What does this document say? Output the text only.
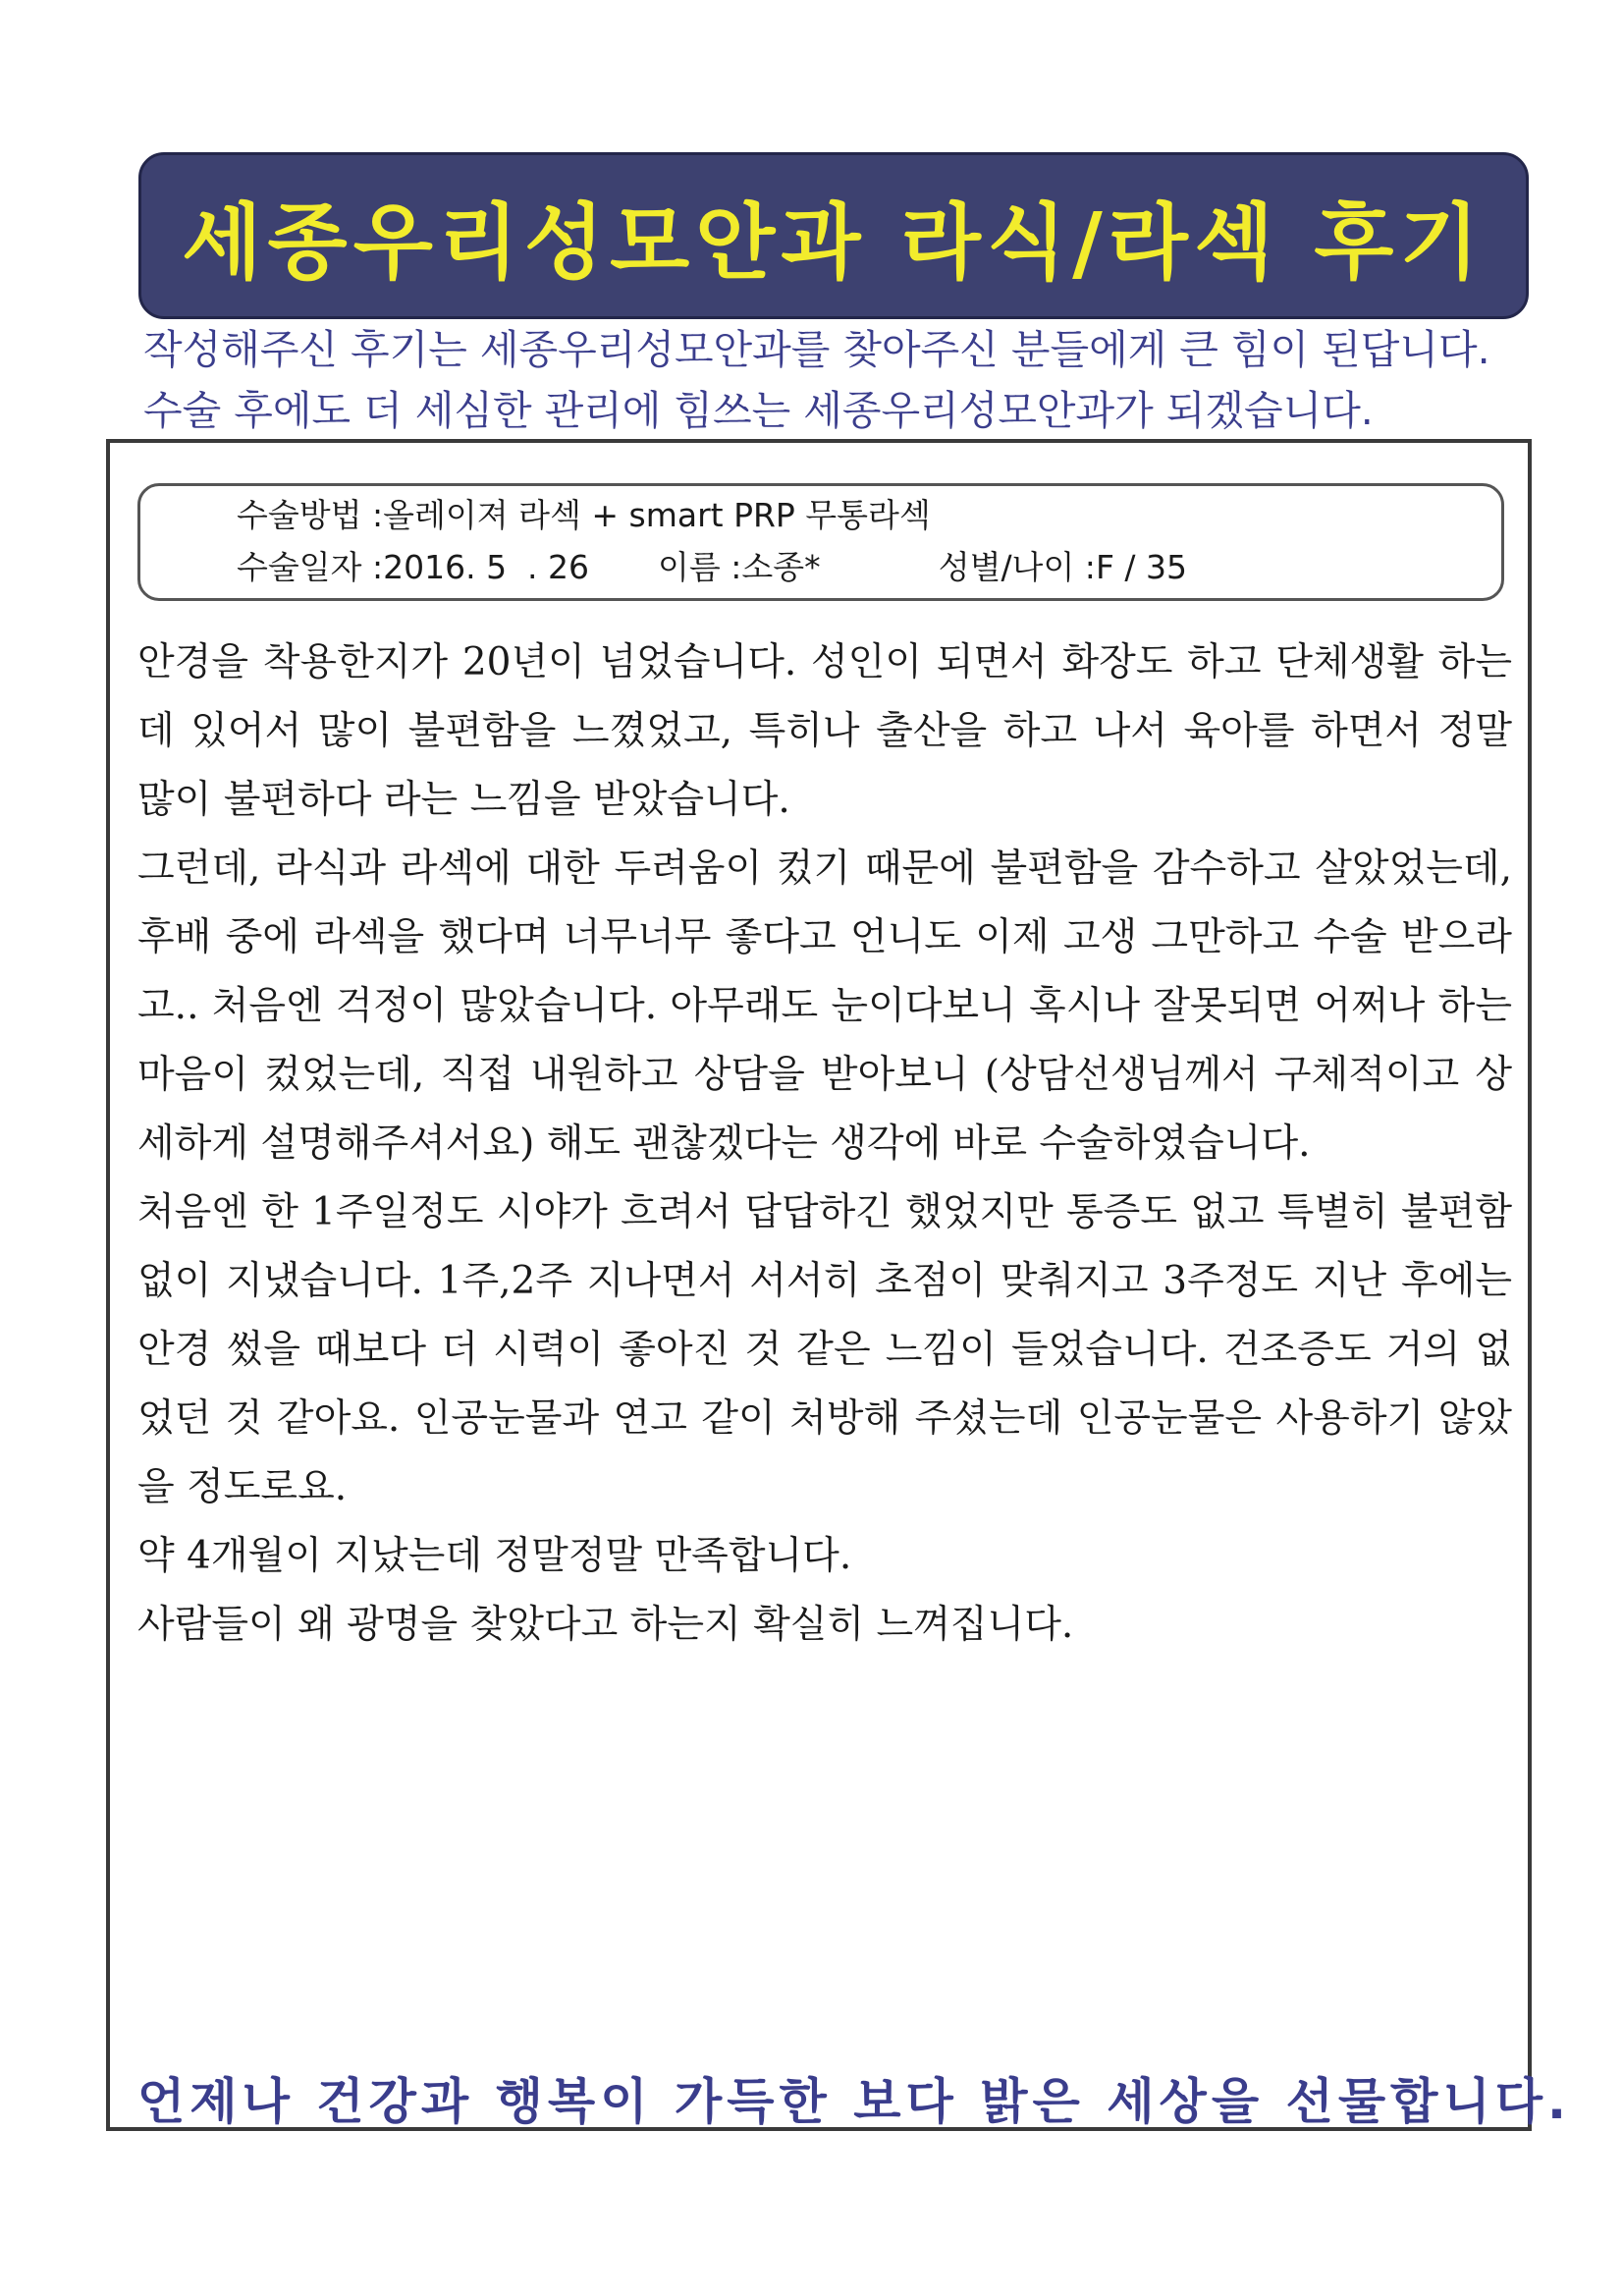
세종우리성모안과 라식/라섹 후기
작성해주신 후기는 세종우리성모안과를 찾아주신 분들에게 큰 힘이 된답니다.
수술 후에도 더 세심한 관리에 힘쓰는 세종우리성모안과가 되겠습니다.
수술방법 :올레이져 라섹 + smart PRP 무통라섹
수술일자 :2016. 5  . 26 이름 :소종*	성별/나이 :F / 35

안경을 착용한지가 20년이 넘었습니다. 성인이 되면서 화장도 하고 단체생활 하는데 있어서 많이 불편함을 느꼈었고, 특히나 출산을 하고 나서 육아를 하면서 정말 많이 불편하다 라는 느낌을 받았습니다.

그런데, 라식과 라섹에 대한 두려움이 컸기 때문에 불편함을 감수하고 살았었는데, 후배 중에 라섹을 했다며 너무너무 좋다고 언니도 이제 고생 그만하고 수술 받으라고.. 처음엔 걱정이 많았습니다. 아무래도 눈이다보니 혹시나 잘못되면 어쩌나 하는 마음이 컸었는데, 직접 내원하고 상담을 받아보니 (상담선생님께서 구체적이고 상세하게 설명해주셔서요) 해도 괜찮겠다는 생각에 바로 수술하였습니다.

처음엔 한 1주일정도 시야가 흐려서 답답하긴 했었지만 통증도 없고 특별히 불편함 없이 지냈습니다. 1주,2주 지나면서 서서히 초점이 맞춰지고 3주정도 지난 후에는 안경 썼을 때보다 더 시력이 좋아진 것 같은 느낌이 들었습니다. 건조증도 거의 없었던 것 같아요. 인공눈물과 연고 같이 처방해 주셨는데 인공눈물은 사용하기 않았을 정도로요.

약 4개월이 지났는데 정말정말 만족합니다.

사람들이 왜 광명을 찾았다고 하는지 확실히 느껴집니다.

언제나 건강과 행복이 가득한 보다 밝은 세상을 선물합니다.
